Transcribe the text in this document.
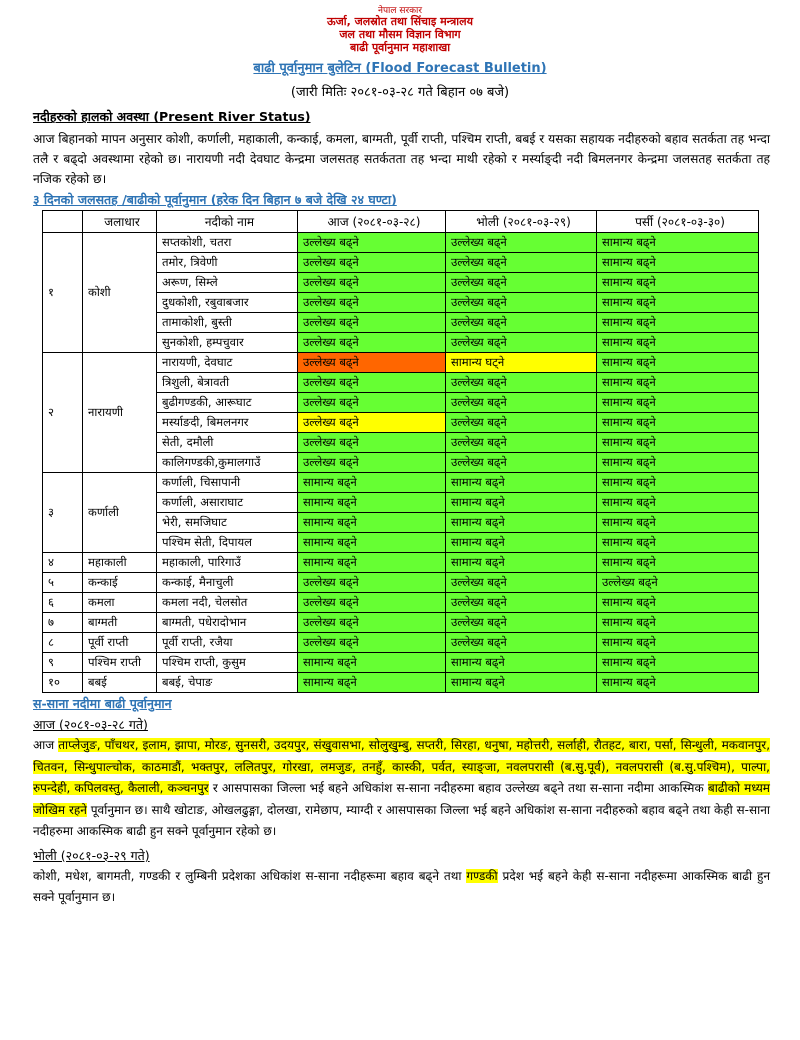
नेपाल सरकार
ऊर्जा, जलस्रोत तथा सिंचाइ मन्त्रालय
जल तथा मौसम विज्ञान विभाग
बाढी पूर्वानुमान महाशाखा
बाढी पूर्वानुमान बुलेटिन (Flood Forecast Bulletin)
(जारी मितिः २०८१-०३-२८ गते बिहान ०७ बजे)
नदीहरुको हालको अवस्था (Present River Status)
आज बिहानको मापन अनुसार कोशी, कर्णाली, महाकाली, कन्काई, कमला, बाग्मती, पूर्वी राप्ती, पश्चिम राप्ती, बबई र यसका सहायक नदीहरुको बहाव सतर्कता तह भन्दा तलै र बढ्दो अवस्थामा रहेको छ। नारायणी नदी देवघाट केन्द्रमा जलसतह सतर्कतता तह भन्दा माथी रहेको र मर्स्याङ्दी नदी बिमलनगर केन्द्रमा जलसतह सतर्कता तह नजिक रहेको छ।
३ दिनको जलसतह /बाढीको पूर्वानुमान (हरेक दिन बिहान ७ बजे देखि २४ घण्टा)
	जलाधार	नदीको नाम	आज (२०८१-०३-२८)	भोली (२०८१-०३-२९)	पर्सी (२०८१-०३-३०)
१	कोशी	सप्तकोशी, चतरा	उल्लेख्य बढ्ने	उल्लेख्य बढ्ने	सामान्य बढ्ने
		तमोर, त्रिवेणी	उल्लेख्य बढ्ने	उल्लेख्य बढ्ने	सामान्य बढ्ने
		अरूण, सिम्ले	उल्लेख्य बढ्ने	उल्लेख्य बढ्ने	सामान्य बढ्ने
		दुधकोशी, रबुवाबजार	उल्लेख्य बढ्ने	उल्लेख्य बढ्ने	सामान्य बढ्ने
		तामाकोशी, बुस्ती	उल्लेख्य बढ्ने	उल्लेख्य बढ्ने	सामान्य बढ्ने
		सुनकोशी, हम्पचुवार	उल्लेख्य बढ्ने	उल्लेख्य बढ्ने	सामान्य बढ्ने
२	नारायणी	नारायणी, देवघाट	उल्लेख्य बढ्ने	सामान्य घट्ने	सामान्य बढ्ने
		त्रिशुली, बेत्रावती	उल्लेख्य बढ्ने	उल्लेख्य बढ्ने	सामान्य बढ्ने
		बुढीगण्डकी, आरूघाट	उल्लेख्य बढ्ने	उल्लेख्य बढ्ने	सामान्य बढ्ने
		मर्स्याङदी, बिमलनगर	उल्लेख्य बढ्ने	उल्लेख्य बढ्ने	सामान्य बढ्ने
		सेती, दमौली	उल्लेख्य बढ्ने	उल्लेख्य बढ्ने	सामान्य बढ्ने
		कालिगण्डकी,कुमालगाउँ	उल्लेख्य बढ्ने	उल्लेख्य बढ्ने	सामान्य बढ्ने
३	कर्णाली	कर्णाली, चिसापानी	सामान्य बढ्ने	सामान्य बढ्ने	सामान्य बढ्ने
		कर्णाली, असाराघाट	सामान्य बढ्ने	सामान्य बढ्ने	सामान्य बढ्ने
		भेरी, समजिघाट	सामान्य बढ्ने	सामान्य बढ्ने	सामान्य बढ्ने
		पश्चिम सेती, दिपायल	सामान्य बढ्ने	सामान्य बढ्ने	सामान्य बढ्ने
४	महाकाली	महाकाली, पारिगाउँ	सामान्य बढ्ने	सामान्य बढ्ने	सामान्य बढ्ने
५	कन्काई	कन्काई, मैनाचुली	उल्लेख्य बढ्ने	उल्लेख्य बढ्ने	उल्लेख्य बढ्ने
६	कमला	कमला नदी, चेलसोत	उल्लेख्य बढ्ने	उल्लेख्य बढ्ने	सामान्य बढ्ने
७	बाग्मती	बाग्मती, पधेरादोभान	उल्लेख्य बढ्ने	उल्लेख्य बढ्ने	सामान्य बढ्ने
८	पूर्वी राप्ती	पूर्वी राप्ती, रजैया	उल्लेख्य बढ्ने	उल्लेख्य बढ्ने	सामान्य बढ्ने
९	पश्चिम राप्ती	पश्चिम राप्ती, कुसुम	सामान्य बढ्ने	सामान्य बढ्ने	सामान्य बढ्ने
१०	बबई	बबई, चेपाङ	सामान्य बढ्ने	सामान्य बढ्ने	सामान्य बढ्ने
स-साना नदीमा बाढी पूर्वानुमान
आज (२०८१-०३-२८ गते)
आज ताप्लेजुङ, पाँचथर, इलाम, झापा, मोरङ, सुनसरी, उदयपुर, संखुवासभा, सोलुखुम्बु, सप्तरी, सिरहा, धनुषा, महोत्तरी, सर्लाही, रौतहट, बारा, पर्सा, सिन्धुली, मकवानपुर, चितवन, सिन्धुपाल्चोक, काठमाडौं, भक्तपुर, ललितपुर, गोरखा, लमजुङ, तनहुँ, कास्की, पर्वत, स्याङ्जा, नवलपरासी (ब.सु.पूर्व), नवलपरासी (ब.सु.पश्चिम), पाल्पा, रुपन्देही, कपिलवस्तु, कैलाली, कञ्चनपुर र आसपासका जिल्ला भई बहने अधिकांश स-साना नदीहरुमा बहाव उल्लेख्य बढ्ने तथा स-साना नदीमा आकस्मिक बाढीको मध्यम जोखिम रहने पूर्वानुमान छ। साथै खोटाङ, ओखलढुङ्गा, दोलखा, रामेछाप, म्याग्दी र आसपासका जिल्ला भई बहने अधिकांश स-साना नदीहरुको बहाव बढ्ने तथा केही स-साना नदीहरुमा आकस्मिक बाढी हुन सक्ने पूर्वानुमान रहेको छ।
भोली (२०८१-०३-२९ गते)
कोशी, मधेश, बागमती, गण्डकी र लुम्बिनी प्रदेशका अधिकांश स-साना नदीहरूमा बहाव बढ्ने तथा गण्डकी प्रदेश भई बहने केही स-साना नदीहरूमा आकस्मिक बाढी हुन सक्ने पूर्वानुमान छ।
